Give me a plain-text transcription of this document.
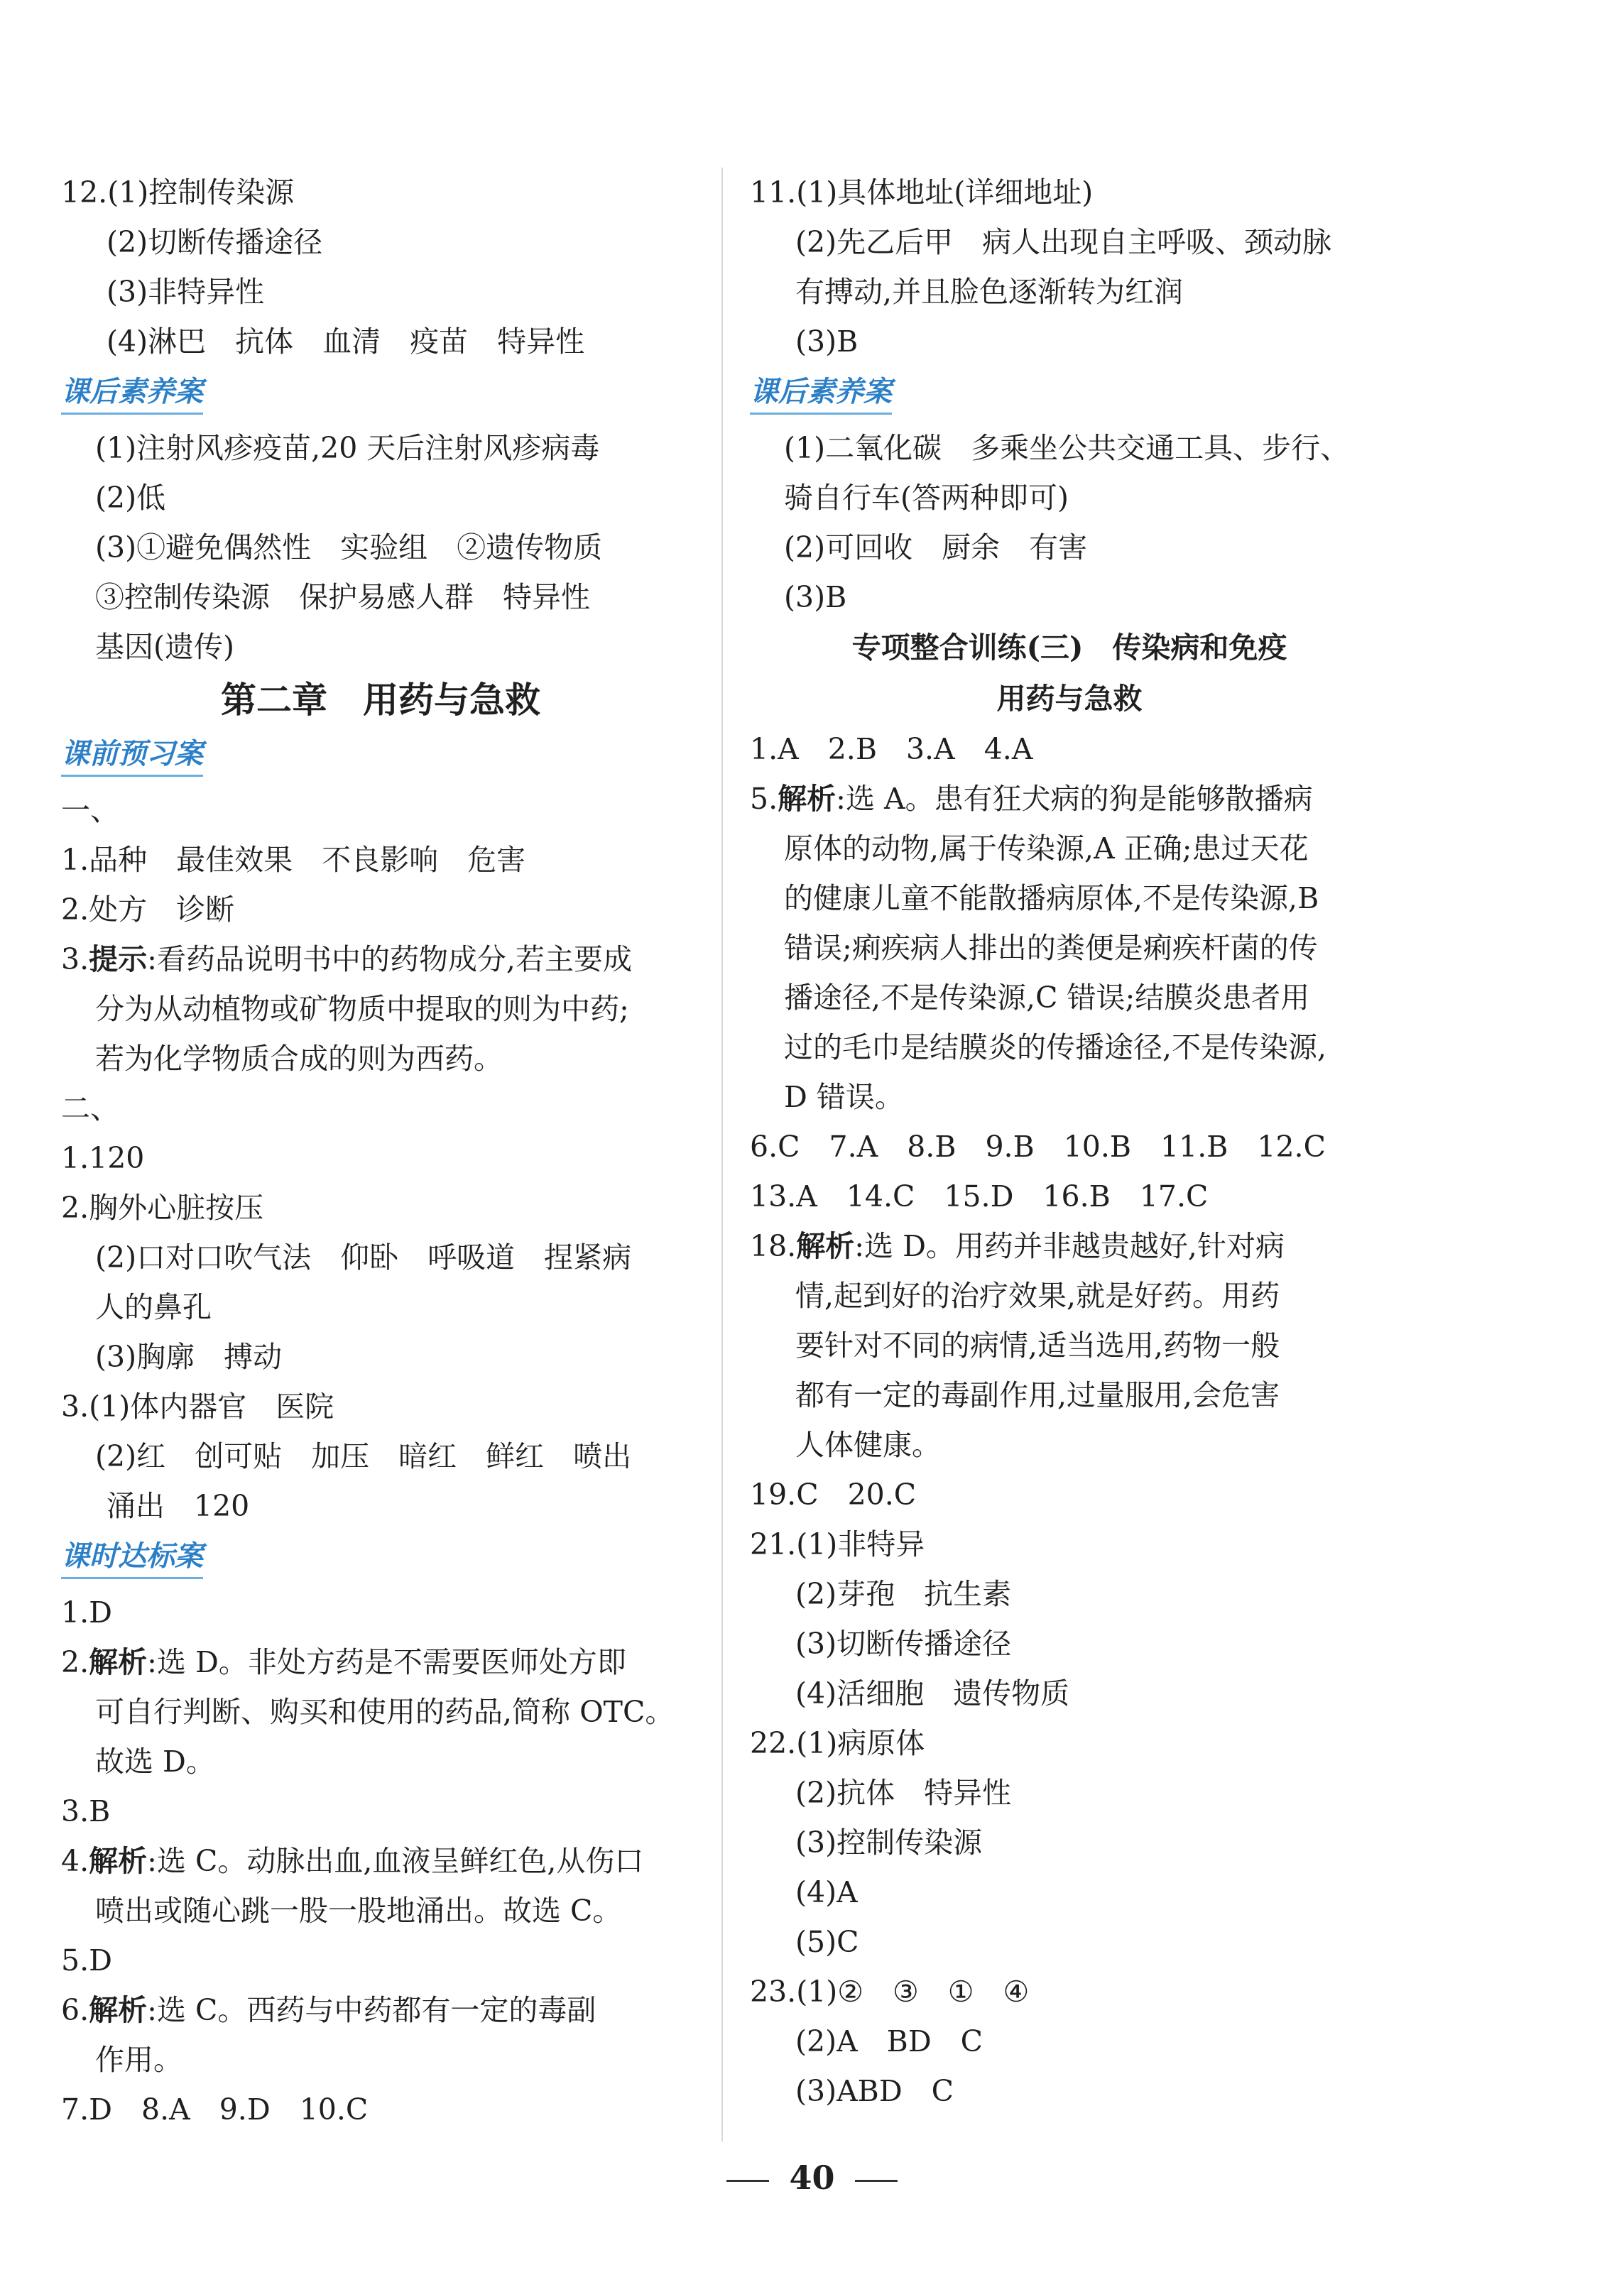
12.(1)控制传染源
(2)切断传播途径
(3)非特异性
(4)淋巴　抗体　血清　疫苗　特异性
课后素养案
(1)注射风疹疫苗,20 天后注射风疹病毒
(2)低
(3)①避免偶然性　实验组　②遗传物质
③控制传染源　保护易感人群　特异性
基因(遗传)
第二章　用药与急救
课前预习案
一、
1.品种　最佳效果　不良影响　危害
2.处方　诊断
3.提示:看药品说明书中的药物成分,若主要成
分为从动植物或矿物质中提取的则为中药;
若为化学物质合成的则为西药。
二、
1.120
2.胸外心脏按压
(2)口对口吹气法　仰卧　呼吸道　捏紧病
人的鼻孔
(3)胸廓　搏动
3.(1)体内器官　医院
(2)红　创可贴　加压　暗红　鲜红　喷出
涌出　120
课时达标案
1.D
2.解析:选 D。非处方药是不需要医师处方即
可自行判断、购买和使用的药品,简称 OTC。
故选 D。
3.B
4.解析:选 C。动脉出血,血液呈鲜红色,从伤口
喷出或随心跳一股一股地涌出。故选 C。
5.D
6.解析:选 C。西药与中药都有一定的毒副
作用。
7.D　8.A　9.D　10.C
11.(1)具体地址(详细地址)
(2)先乙后甲　病人出现自主呼吸、颈动脉
有搏动,并且脸色逐渐转为红润
(3)B
课后素养案
(1)二氧化碳　多乘坐公共交通工具、步行、
骑自行车(答两种即可)
(2)可回收　厨余　有害
(3)B
专项整合训练(三)　传染病和免疫
用药与急救
1.A　2.B　3.A　4.A
5.解析:选 A。患有狂犬病的狗是能够散播病
原体的动物,属于传染源,A 正确;患过天花
的健康儿童不能散播病原体,不是传染源,B
错误;痢疾病人排出的粪便是痢疾杆菌的传
播途径,不是传染源,C 错误;结膜炎患者用
过的毛巾是结膜炎的传播途径,不是传染源,
D 错误。
6.C　7.A　8.B　9.B　10.B　11.B　12.C
13.A　14.C　15.D　16.B　17.C
18.解析:选 D。用药并非越贵越好,针对病
情,起到好的治疗效果,就是好药。用药
要针对不同的病情,适当选用,药物一般
都有一定的毒副作用,过量服用,会危害
人体健康。
19.C　20.C
21.(1)非特异
(2)芽孢　抗生素
(3)切断传播途径
(4)活细胞　遗传物质
22.(1)病原体
(2)抗体　特异性
(3)控制传染源
(4)A
(5)C
23.(1)②　③　①　④
(2)A　BD　C
(3)ABD　C
40
